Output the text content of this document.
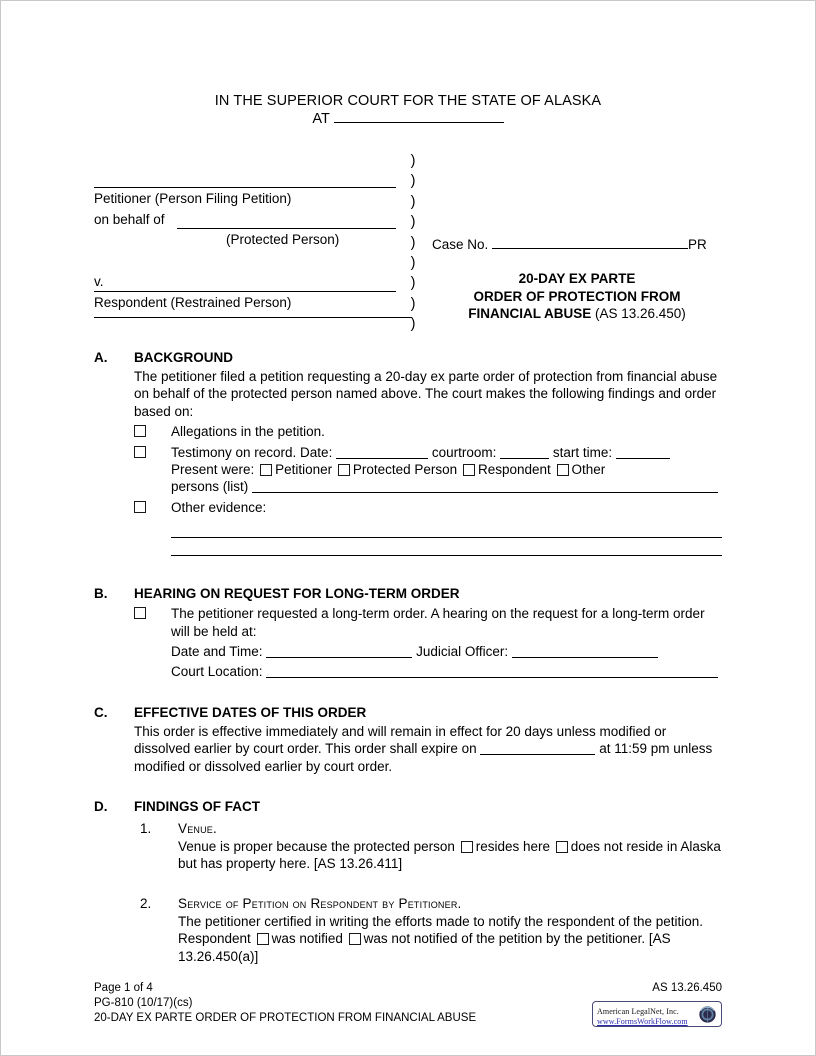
IN THE SUPERIOR COURT FOR THE STATE OF ALASKA
AT
Petitioner (Person Filing Petition)
on behalf of
(Protected Person)
v.
Respondent (Restrained Person)
)
)
)
)
)
)
)
)
)
Case No.	PR
20-DAY EX PARTE
ORDER OF PROTECTION FROM
FINANCIAL ABUSE (AS 13.26.450)
A. BACKGROUND

The petitioner filed a petition requesting a 20-day ex parte order of protection from financial abuse on behalf of the protected person named above. The court makes the following findings and order based on:

Allegations in the petition.
Testimony on record. Date:	courtroom:	start time:
Present were: Petitioner Protected Person Respondent Other
persons (list)
Other evidence:
B. HEARING ON REQUEST FOR LONG-TERM ORDER
The petitioner requested a long-term order. A hearing on the request for a long-term order will be held at:
Date and Time:	Judicial Officer:
Court Location:
C. EFFECTIVE DATES OF THIS ORDER

This order is effective immediately and will remain in effect for 20 days unless modified or dissolved earlier by court order. This order shall expire on	at 11:59 pm unless modified or dissolved earlier by court order.

D. FINDINGS OF FACT
1. Venue.
Venue is proper because the protected person resides here does not reside in Alaska but has property here. [AS 13.26.411]
2. Service of Petition on Respondent by Petitioner.
The petitioner certified in writing the efforts made to notify the respondent of the petition. Respondent was notified was not notified of the petition by the petitioner. [AS 13.26.450(a)]
AS 13.26.450
American LegalNet, Inc.
www.FormsWorkFlow.com
Page 1 of 4
PG-810 (10/17)(cs)
20-DAY EX PARTE ORDER OF PROTECTION FROM FINANCIAL ABUSE
